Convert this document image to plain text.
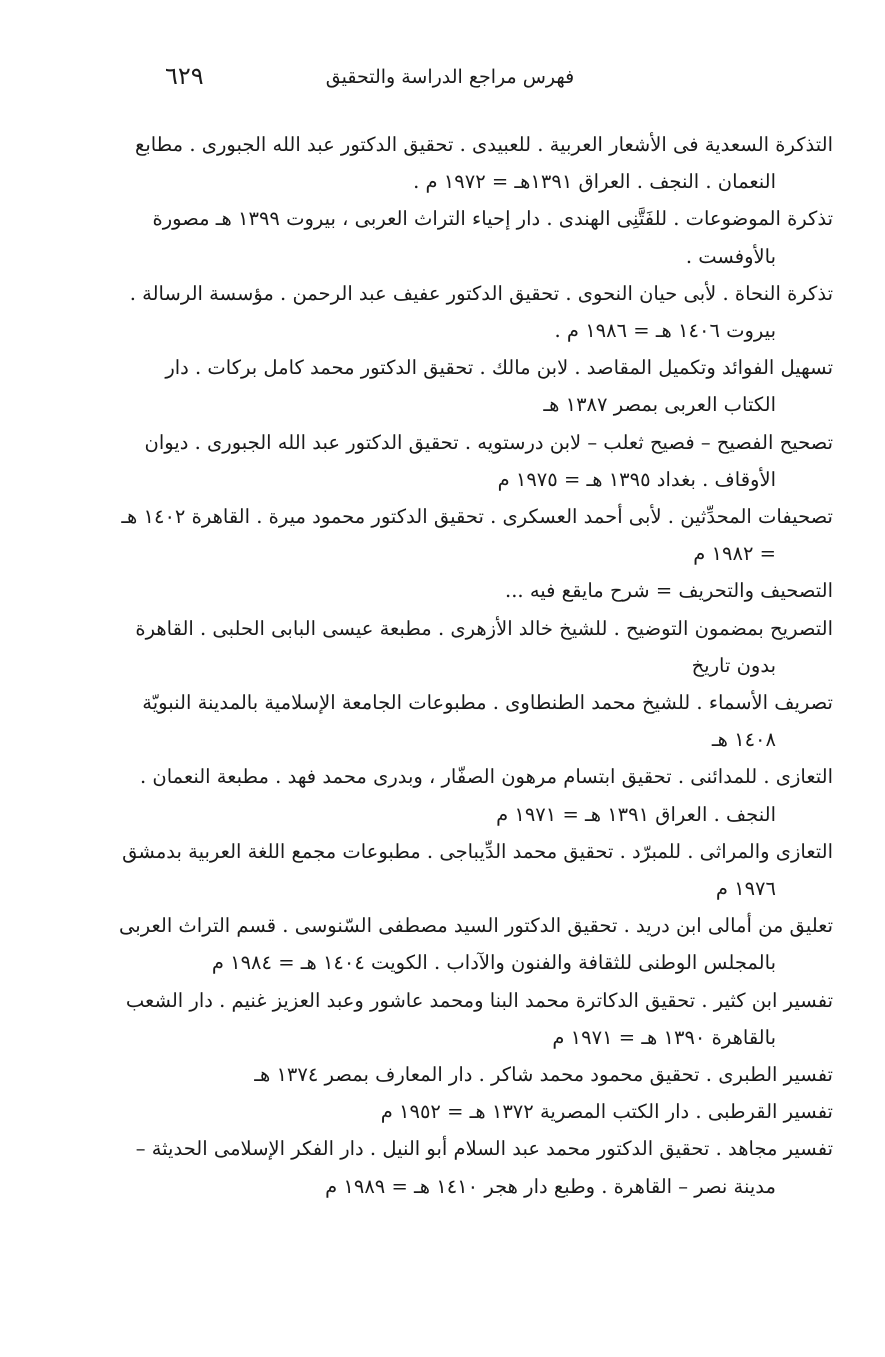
٦٢٩	فهرس مراجع الدراسة والتحقيق
التذكرة السعدية فى الأشعار العربية . للعبيدى . تحقيق الدكتور عبد الله الجبورى . مطابع
النعمان . النجف . العراق ١٣٩١هـ = ١٩٧٢ م .
تذكرة الموضوعات . للفَتَّنِى الهندى . دار إحياء التراث العربى ، بيروت ١٣٩٩ هـ مصورة
بالأوفست .
تذكرة النحاة . لأبى حيان النحوى . تحقيق الدكتور عفيف عبد الرحمن . مؤسسة الرسالة .
بيروت ١٤٠٦ هـ = ١٩٨٦ م .
تسهيل الفوائد وتكميل المقاصد . لابن مالك . تحقيق الدكتور محمد كامل بركات . دار
الكتاب العربى بمصر ١٣٨٧ هـ
تصحيح الفصيح – فصيح ثعلب – لابن درستويه . تحقيق الدكتور عبد الله الجبورى . ديوان
الأوقاف . بغداد ١٣٩٥ هـ = ١٩٧٥ م
تصحيفات المحدِّثين . لأبى أحمد العسكرى . تحقيق الدكتور محمود ميرة . القاهرة ١٤٠٢ هـ
= ١٩٨٢ م
التصحيف والتحريف = شرح مايقع فيه ...
التصريح بمضمون التوضيح . للشيخ خالد الأزهرى . مطبعة عيسى البابى الحلبى . القاهرة
بدون تاريخ
تصريف الأسماء . للشيخ محمد الطنطاوى . مطبوعات الجامعة الإسلامية بالمدينة النبويّة
١٤٠٨ هـ
التعازى . للمدائنى . تحقيق ابتسام مرهون الصفّار ، وبدرى محمد فهد . مطبعة النعمان .
النجف . العراق ١٣٩١ هـ = ١٩٧١ م
التعازى والمراثى . للمبرّد . تحقيق محمد الدِّيباجى . مطبوعات مجمع اللغة العربية بدمشق
١٩٧٦ م
تعليق من أمالى ابن دريد . تحقيق الدكتور السيد مصطفى السّنوسى . قسم التراث العربى
بالمجلس الوطنى للثقافة والفنون والآداب . الكويت ١٤٠٤ هـ = ١٩٨٤ م
تفسير ابن كثير . تحقيق الدكاترة محمد البنا ومحمد عاشور وعبد العزيز غنيم . دار الشعب
بالقاهرة ١٣٩٠ هـ = ١٩٧١ م
تفسير الطبرى . تحقيق محمود محمد شاكر . دار المعارف بمصر ١٣٧٤ هـ
تفسير القرطبى . دار الكتب المصرية ١٣٧٢ هـ = ١٩٥٢ م
تفسير مجاهد . تحقيق الدكتور محمد عبد السلام أبو النيل . دار الفكر الإسلامى الحديثة –
مدينة نصر – القاهرة . وطبع دار هجر ١٤١٠ هـ = ١٩٨٩ م
